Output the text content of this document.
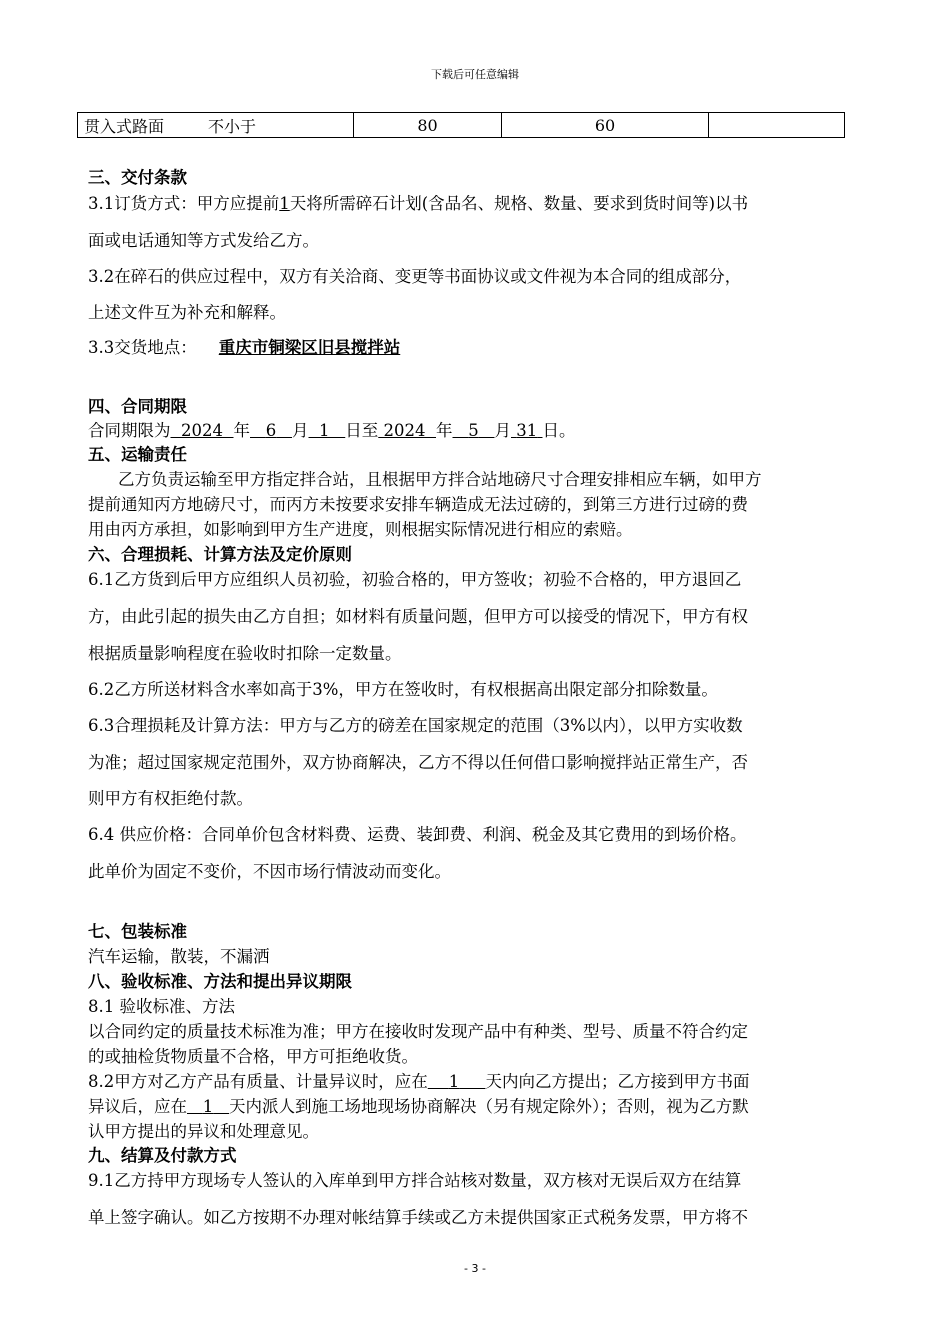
下载后可任意编辑
贯入式路面	不小于	80	60	
三、交付条款
3.1订货方式：甲方应提前1天将所需碎石计划(含品名、规格、数量、要求到货时间等)以书
面或电话通知等方式发给乙方。
3.2在碎石的供应过程中，双方有关洽商、变更等书面协议或文件视为本合同的组成部分，
上述文件互为补充和解释。
3.3交货地点： 重庆市铜梁区旧县搅拌站
四、合同期限
合同期限为 2024 年 6 月 1 日至 2024 年 5 月 31 日。
五、运输责任
乙方负责运输至甲方指定拌合站，且根据甲方拌合站地磅尺寸合理安排相应车辆，如甲方
提前通知丙方地磅尺寸，而丙方未按要求安排车辆造成无法过磅的，到第三方进行过磅的费
用由丙方承担，如影响到甲方生产进度，则根据实际情况进行相应的索赔。
六、合理损耗、计算方法及定价原则
6.1乙方货到后甲方应组织人员初验，初验合格的，甲方签收；初验不合格的，甲方退回乙
方，由此引起的损失由乙方自担；如材料有质量问题，但甲方可以接受的情况下，甲方有权
根据质量影响程度在验收时扣除一定数量。
6.2乙方所送材料含水率如高于3%，甲方在签收时，有权根据高出限定部分扣除数量。
6.3合理损耗及计算方法：甲方与乙方的磅差在国家规定的范围（3%以内），以甲方实收数
为准；超过国家规定范围外，双方协商解决，乙方不得以任何借口影响搅拌站正常生产，否
则甲方有权拒绝付款。
6.4 供应价格：合同单价包含材料费、运费、装卸费、利润、税金及其它费用的到场价格。
此单价为固定不变价，不因市场行情波动而变化。
七、包装标准
汽车运输，散装，不漏洒
八、验收标准、方法和提出异议期限
8.1 验收标准、方法
以合同约定的质量技术标准为准；甲方在接收时发现产品中有种类、型号、质量不符合约定
的或抽检货物质量不合格，甲方可拒绝收货。
8.2甲方对乙方产品有质量、计量异议时，应在 1 天内向乙方提出；乙方接到甲方书面
异议后，应在 1 天内派人到施工场地现场协商解决（另有规定除外）；否则，视为乙方默
认甲方提出的异议和处理意见。
九、结算及付款方式
9.1乙方持甲方现场专人签认的入库单到甲方拌合站核对数量，双方核对无误后双方在结算
单上签字确认。如乙方按期不办理对帐结算手续或乙方未提供国家正式税务发票，甲方将不
- 3 -
